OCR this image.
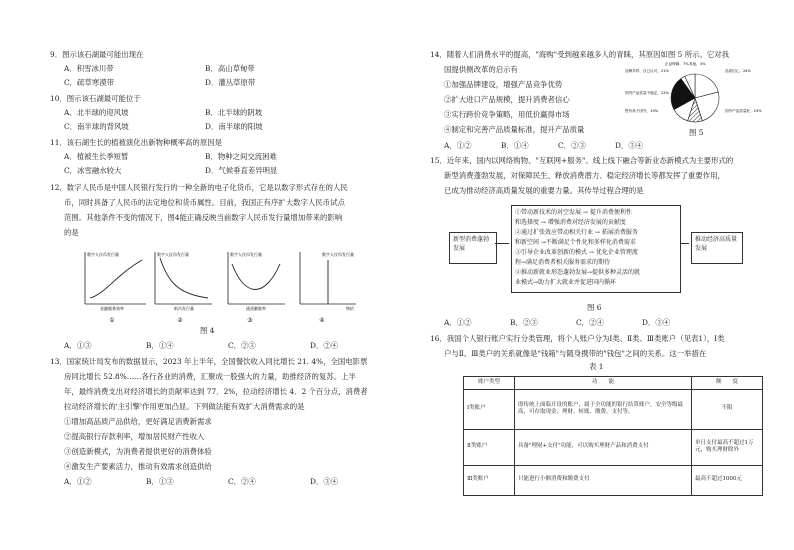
9．图示该石湖最可能出现在
A．积雪冰川带	B．高山草甸带
C．疏草寒漠带	D．灌丛草原带
10．图示该石湖最可能位于
A．北半球的迎风坡	B．北半球的阴坡
C．南半球的背风坡	D．南半球的阳坡
11．该石湖生长的植被演化出新物种概率高的原因是
A．植被生长季短暂	B．物种之间交流困难
C．冰雪融水较大	D．气候垂直差异明显
12．数字人民币是中国人民银行发行的一种全新的电子化货币，它是以数字形式存在的人民
币，同时具备了人民币的法定地位和货币属性。目前，我国正有序扩大数字人民币试点
范围。其他条件不变的情况下，图4能正确反映当前数字人民币发行量增加带来的影响
的是
数字人民币发行量
金融服务效率
①
数字人民币发行量
纸币发行量
②
数字人民币发行量
通货膨胀率
③
数字人民币发行量
物价
④
图 4
A．①③	B．①④	C．②③	D．②④
13．国家统计局发布的数据显示，2023 年上半年，全国餐饮收入同比增长 21. 4%，全国电影票
房同比增长 52.8%……各行各业的消费，汇聚成一股强大的力量，助推经济的复苏。上半
年，最终消费支出对经济增长的贡献率达到 77．2%，拉动经济增长 4．2 个百分点，消费者
拉动经济增长的'主引擎'作用更加凸显。下列做法能有效扩大消费需求的是
①增加高品质产品供给，更好满足消费新需求
②提高银行存款利率，增加居民财产性收入
③创造新模式，为消费者提供更好的消费体验
④激发生产要素活力，推动有效需求创造供给
A．①②	B．①③	C．②④	D．③④
14．随着人们消费水平的提高，"海购"受到越来越多人的青睐，其原因如图 5 所示。它对我
国提供侧改革的启示有
①加强品牌建设，增强产品竞争优势
②扩大进口产品规模，提升消费者信心
③实行跨价竞争策略，用低价赢得市场
④制定和完善产品质量标准，提升产品质量
品牌多样、自已认可，21%	品质信心，24%
售价高于国外，10%
国内产品质量不稳定，12%
国外产品质量好，23%
其他，3%
正品保障，7%
图 5
A．①②	B．①④	C．②③	D．③④
15．近年来，国内以网络购物、"互联网+服务"、线上线下融合等新业态新模式为主要形式的
新型消费蓬勃发展，对保障民生、释放消费潜力、稳定经济增长等都发挥了重要作用，
已成为推动经济高质量发展的重要力量。其传导过程合理的是
新型消费蓬勃发展
①带动新技术的对空发展 → 提升消费便利性
和选择度 → 增强消费对经济发展的贡献度
②通过扩张效应带动相关行业 → 拓展消费服务
和新空间 →不断满足个性化和多样化消费需求
③引导企业改革创新的模式 → 优化企业管理流
程→满足消费者相关服务需求的期待
④推动新就业形态蓬勃发展→提供多种灵活的就
业模式→助力扩大就业并促进国内循环
推动经济高质量发展
图 6
A．①②	B．②③	C．②④	D．③④
16．我国个人银行账户实行分类管理，将个人账户分为Ⅰ类、Ⅱ类、Ⅲ类账户（见表1），Ⅰ类
户与Ⅱ、Ⅲ类户的关系就像是"钱箱"与随身携带的"钱包"之间的关系。这一举措在
表 1
账户类型	功　　能	额　　度
Ⅰ类账户	即传统上面临开设的账户，属于全功能的银行结算账户，安全等级最高，可存取现金、理财、转账、缴费、支付等。	不限
Ⅱ类账户	具备"理财+支付"功能，可以购买理财产品和消费支付	单日支付最高不超过1万元，购买理财除外
Ⅲ类账户	只能进行小额消费和缴费支付	最高不超过1000元
